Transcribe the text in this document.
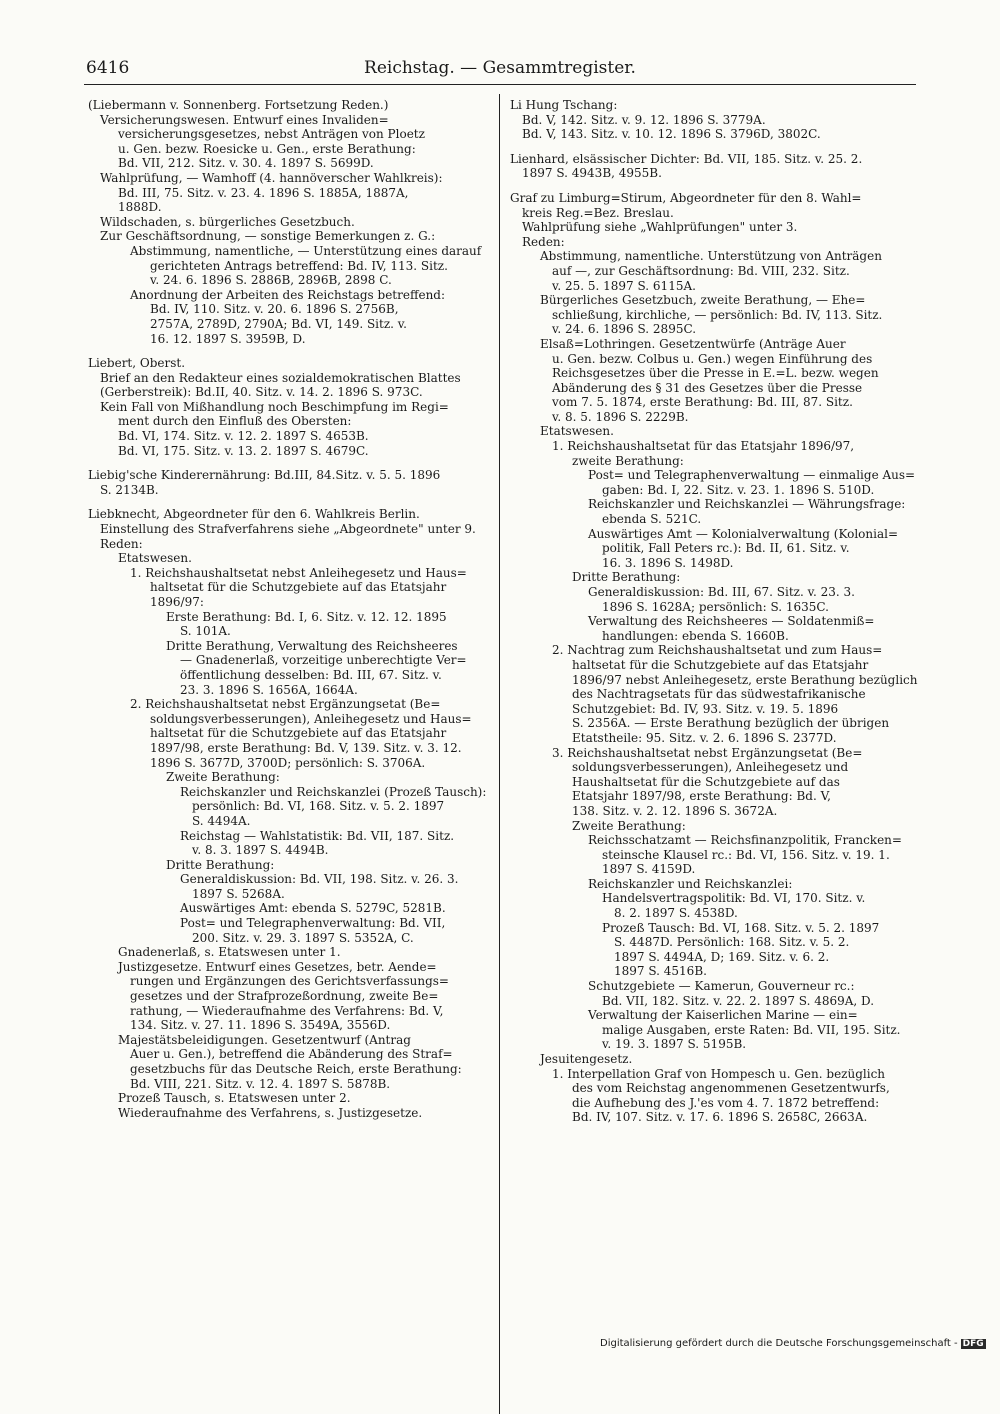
6416	Reichstag. — Gesammtregister.
(Liebermann v. Sonnenberg. Fortsetzung Reden.)
Versicherungswesen. Entwurf eines Invaliden=
versicherungsgesetzes, nebst Anträgen von Ploetz
u. Gen. bezw. Roesicke u. Gen., erste Berathung:
Bd. VII, 212. Sitz. v. 30. 4. 1897 S. 5699D.
Wahlprüfung, — Wamhoff (4. hannöverscher Wahlkreis):
Bd. III, 75. Sitz. v. 23. 4. 1896 S. 1885A, 1887A,
1888D.
Wildschaden, s. bürgerliches Gesetzbuch.
Zur Geschäftsordnung, — sonstige Bemerkungen z. G.:
Abstimmung, namentliche, — Unterstützung eines darauf
gerichteten Antrags betreffend: Bd. IV, 113. Sitz.
v. 24. 6. 1896 S. 2886B, 2896B, 2898 C.
Anordnung der Arbeiten des Reichstags betreffend:
Bd. IV, 110. Sitz. v. 20. 6. 1896 S. 2756B,
2757A, 2789D, 2790A; Bd. VI, 149. Sitz. v.
16. 12. 1897 S. 3959B, D.
Liebert, Oberst.
Brief an den Redakteur eines sozialdemokratischen Blattes
(Gerberstreik): Bd.II, 40. Sitz. v. 14. 2. 1896 S. 973C.
Kein Fall von Mißhandlung noch Beschimpfung im Regi=
ment durch den Einfluß des Obersten:
Bd. VI, 174. Sitz. v. 12. 2. 1897 S. 4653B.
Bd. VI, 175. Sitz. v. 13. 2. 1897 S. 4679C.
Liebig'sche Kinderernährung: Bd.III, 84.Sitz. v. 5. 5. 1896
S. 2134B.
Liebknecht, Abgeordneter für den 6. Wahlkreis Berlin.
Einstellung des Strafverfahrens siehe „Abgeordnete" unter 9.
Reden:
Etatswesen.
1. Reichshaushaltsetat nebst Anleihegesetz und Haus=
haltsetat für die Schutzgebiete auf das Etatsjahr
1896/97:
Erste Berathung: Bd. I, 6. Sitz. v. 12. 12. 1895
S. 101A.
Dritte Berathung, Verwaltung des Reichsheeres
— Gnadenerlaß, vorzeitige unberechtigte Ver=
öffentlichung desselben: Bd. III, 67. Sitz. v.
23. 3. 1896 S. 1656A, 1664A.
2. Reichshaushaltsetat nebst Ergänzungsetat (Be=
soldungsverbesserungen), Anleihegesetz und Haus=
haltsetat für die Schutzgebiete auf das Etatsjahr
1897/98, erste Berathung: Bd. V, 139. Sitz. v. 3. 12.
1896 S. 3677D, 3700D; persönlich: S. 3706A.
Zweite Berathung:
Reichskanzler und Reichskanzlei (Prozeß Tausch):
persönlich: Bd. VI, 168. Sitz. v. 5. 2. 1897
S. 4494A.
Reichstag — Wahlstatistik: Bd. VII, 187. Sitz.
v. 8. 3. 1897 S. 4494B.
Dritte Berathung:
Generaldiskussion: Bd. VII, 198. Sitz. v. 26. 3.
1897 S. 5268A.
Auswärtiges Amt: ebenda S. 5279C, 5281B.
Post= und Telegraphenverwaltung: Bd. VII,
200. Sitz. v. 29. 3. 1897 S. 5352A, C.
Gnadenerlaß, s. Etatswesen unter 1.
Justizgesetze. Entwurf eines Gesetzes, betr. Aende=
rungen und Ergänzungen des Gerichtsverfassungs=
gesetzes und der Strafprozeßordnung, zweite Be=
rathung, — Wiederaufnahme des Verfahrens: Bd. V,
134. Sitz. v. 27. 11. 1896 S. 3549A, 3556D.
Majestätsbeleidigungen. Gesetzentwurf (Antrag
Auer u. Gen.), betreffend die Abänderung des Straf=
gesetzbuchs für das Deutsche Reich, erste Berathung:
Bd. VIII, 221. Sitz. v. 12. 4. 1897 S. 5878B.
Prozeß Tausch, s. Etatswesen unter 2.
Wiederaufnahme des Verfahrens, s. Justizgesetze.
Li Hung Tschang:
Bd. V, 142. Sitz. v. 9. 12. 1896 S. 3779A.
Bd. V, 143. Sitz. v. 10. 12. 1896 S. 3796D, 3802C.
Lienhard, elsässischer Dichter: Bd. VII, 185. Sitz. v. 25. 2.
1897 S. 4943B, 4955B.
Graf zu Limburg=Stirum, Abgeordneter für den 8. Wahl=
kreis Reg.=Bez. Breslau.
Wahlprüfung siehe „Wahlprüfungen" unter 3.
Reden:
Abstimmung, namentliche. Unterstützung von Anträgen
auf —, zur Geschäftsordnung: Bd. VIII, 232. Sitz.
v. 25. 5. 1897 S. 6115A.
Bürgerliches Gesetzbuch, zweite Berathung, — Ehe=
schließung, kirchliche, — persönlich: Bd. IV, 113. Sitz.
v. 24. 6. 1896 S. 2895C.
Elsaß=Lothringen. Gesetzentwürfe (Anträge Auer
u. Gen. bezw. Colbus u. Gen.) wegen Einführung des
Reichsgesetzes über die Presse in E.=L. bezw. wegen
Abänderung des § 31 des Gesetzes über die Presse
vom 7. 5. 1874, erste Berathung: Bd. III, 87. Sitz.
v. 8. 5. 1896 S. 2229B.
Etatswesen.
1. Reichshaushaltsetat für das Etatsjahr 1896/97,
zweite Berathung:
Post= und Telegraphenverwaltung — einmalige Aus=
gaben: Bd. I, 22. Sitz. v. 23. 1. 1896 S. 510D.
Reichskanzler und Reichskanzlei — Währungsfrage:
ebenda S. 521C.
Auswärtiges Amt — Kolonialverwaltung (Kolonial=
politik, Fall Peters rc.): Bd. II, 61. Sitz. v.
16. 3. 1896 S. 1498D.
Dritte Berathung:
Generaldiskussion: Bd. III, 67. Sitz. v. 23. 3.
1896 S. 1628A; persönlich: S. 1635C.
Verwaltung des Reichsheeres — Soldatenmiß=
handlungen: ebenda S. 1660B.
2. Nachtrag zum Reichshaushaltsetat und zum Haus=
haltsetat für die Schutzgebiete auf das Etatsjahr
1896/97 nebst Anleihegesetz, erste Berathung bezüglich
des Nachtragsetats für das südwestafrikanische
Schutzgebiet: Bd. IV, 93. Sitz. v. 19. 5. 1896
S. 2356A. — Erste Berathung bezüglich der übrigen
Etatstheile: 95. Sitz. v. 2. 6. 1896 S. 2377D.
3. Reichshaushaltsetat nebst Ergänzungsetat (Be=
soldungsverbesserungen), Anleihegesetz und
Haushaltsetat für die Schutzgebiete auf das
Etatsjahr 1897/98, erste Berathung: Bd. V,
138. Sitz. v. 2. 12. 1896 S. 3672A.
Zweite Berathung:
Reichsschatzamt — Reichsfinanzpolitik, Francken=
steinsche Klausel rc.: Bd. VI, 156. Sitz. v. 19. 1.
1897 S. 4159D.
Reichskanzler und Reichskanzlei:
Handelsvertragspolitik: Bd. VI, 170. Sitz. v.
8. 2. 1897 S. 4538D.
Prozeß Tausch: Bd. VI, 168. Sitz. v. 5. 2. 1897
S. 4487D. Persönlich: 168. Sitz. v. 5. 2.
1897 S. 4494A, D; 169. Sitz. v. 6. 2.
1897 S. 4516B.
Schutzgebiete — Kamerun, Gouverneur rc.:
Bd. VII, 182. Sitz. v. 22. 2. 1897 S. 4869A, D.
Verwaltung der Kaiserlichen Marine — ein=
malige Ausgaben, erste Raten: Bd. VII, 195. Sitz.
v. 19. 3. 1897 S. 5195B.
Jesuitengesetz.
1. Interpellation Graf von Hompesch u. Gen. bezüglich
des vom Reichstag angenommenen Gesetzentwurfs,
die Aufhebung des J.'es vom 4. 7. 1872 betreffend:
Bd. IV, 107. Sitz. v. 17. 6. 1896 S. 2658C, 2663A.
Digitalisierung gefördert durch die Deutsche Forschungsgemeinschaft - DFG
